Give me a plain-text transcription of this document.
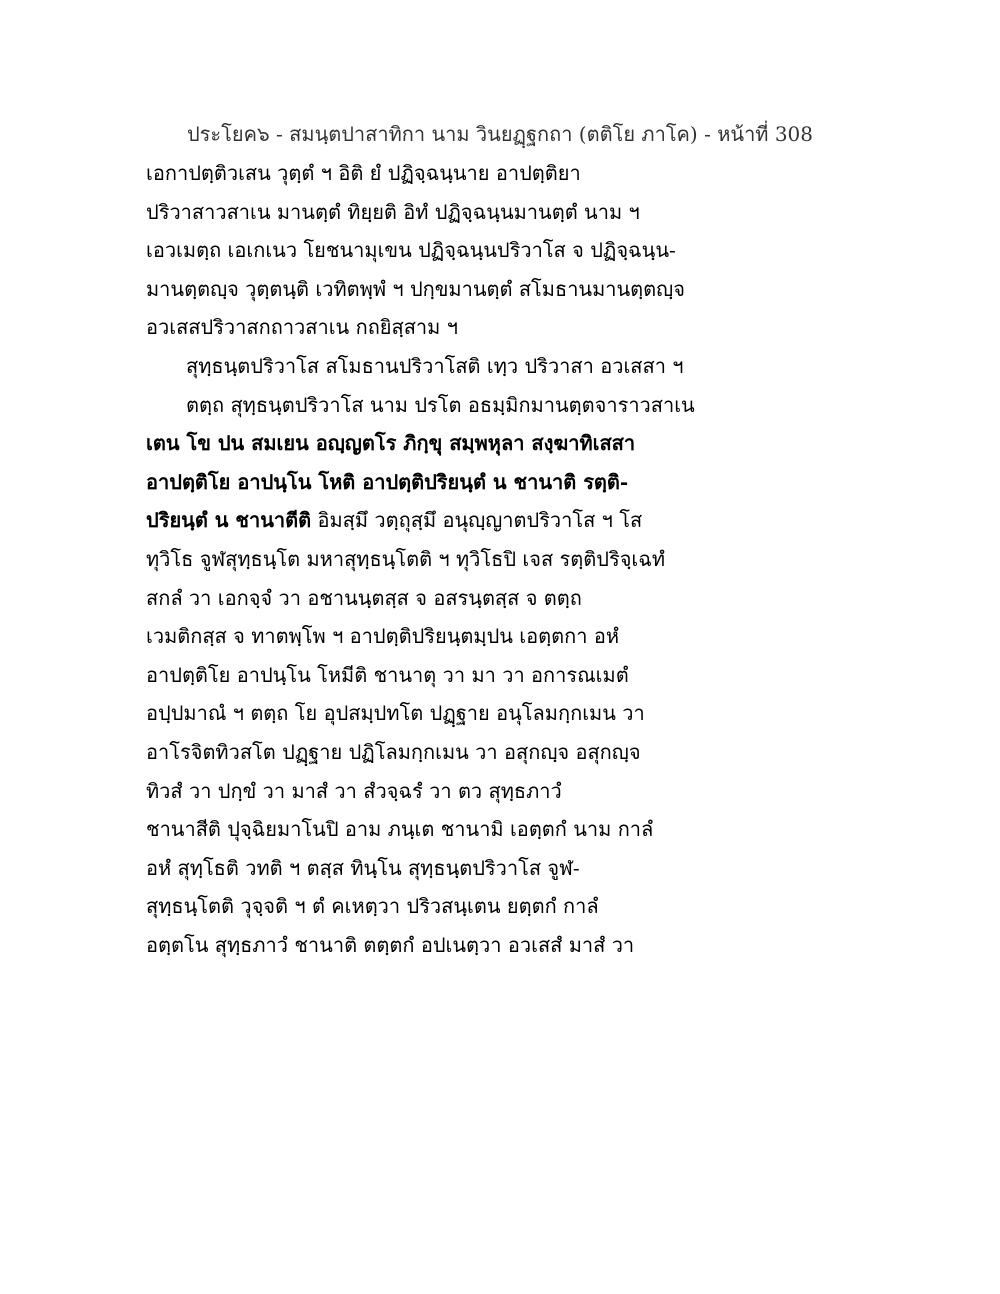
ประโยค๖ - สมนฺตปาสาทิกา นาม วินยฏฺฐกถา (ตติโย ภาโค) - หน้าที่ 308
เอกาปตฺติวเสน วุตฺตํ ฯ อิติ ยํ ปฏิจฺฉนฺนาย อาปตฺติยา
ปริวาสาวสาเน มานตฺตํ ทิยฺยติ อิทํ ปฏิจฺฉนฺนมานตฺตํ นาม ฯ
เอวเมตฺถ เอเกเนว โยชนามุเขน ปฏิจฺฉนฺนปริวาโส จ ปฏิจฺฉนฺน-
มานตฺตญฺจ วุตฺตนฺติ เวทิตพฺพํ ฯ ปกฺขมานตฺตํ สโมธานมานตฺตญฺจ
อวเสสปริวาสกถาวสาเน กถยิสฺสาม ฯ
สุทฺธนฺตปริวาโส สโมธานปริวาโสติ เทฺว ปริวาสา อวเสสา ฯ
ตตฺถ สุทฺธนฺตปริวาโส นาม ปรโต อธมฺมิกมานตฺตจาราวสาเน
เตน โข ปน สมเยน อญฺญตโร ภิกฺขุ สมฺพหุลา สงฺฆาทิเสสา
อาปตฺติโย อาปนฺโน โหติ อาปตฺติปริยนฺตํ น ชานาติ รตฺติ-
ปริยนฺตํ น ชานาตีติ อิมสฺมึ วตฺถุสฺมึ อนุญฺญาตปริวาโส ฯ โส
ทุวิโธ จูฬสุทฺธนฺโต มหาสุทฺธนฺโตติ ฯ ทุวิโธปิ เจส รตฺติปริจฺเฉทํ
สกลํ วา เอกจฺจํ วา อชานนฺตสฺส จ อสรนฺตสฺส จ ตตฺถ
เวมติกสฺส จ ทาตพฺโพ ฯ อาปตฺติปริยนฺตมฺปน เอตฺตกา อหํ
อาปตฺติโย อาปนฺโน โหมีติ ชานาตุ วา มา วา อการณเมตํ
อปฺปมาณํ ฯ ตตฺถ โย อุปสมฺปทโต ปฏฺฐาย อนุโลมกฺกเมน วา
อาโรจิตทิวสโต ปฏฺฐาย ปฏิโลมกฺกเมน วา อสุกญฺจ อสุกญฺจ
ทิวสํ วา ปกฺขํ วา มาสํ วา สํวจฺฉรํ วา ตว สุทฺธภาวํ
ชานาสีติ ปุจฺฉิยมาโนปิ อาม ภนฺเต ชานามิ เอตฺตกํ นาม กาลํ
อหํ สุทฺโธติ วทติ ฯ ตสฺส ทินฺโน สุทฺธนฺตปริวาโส จูฬ-
สุทฺธนฺโตติ วุจฺจติ ฯ ตํ คเหตฺวา ปริวสนฺเตน ยตฺตกํ กาลํ
อตฺตโน สุทฺธภาวํ ชานาติ ตตฺตกํ อปเนตฺวา อวเสสํ มาสํ วา
